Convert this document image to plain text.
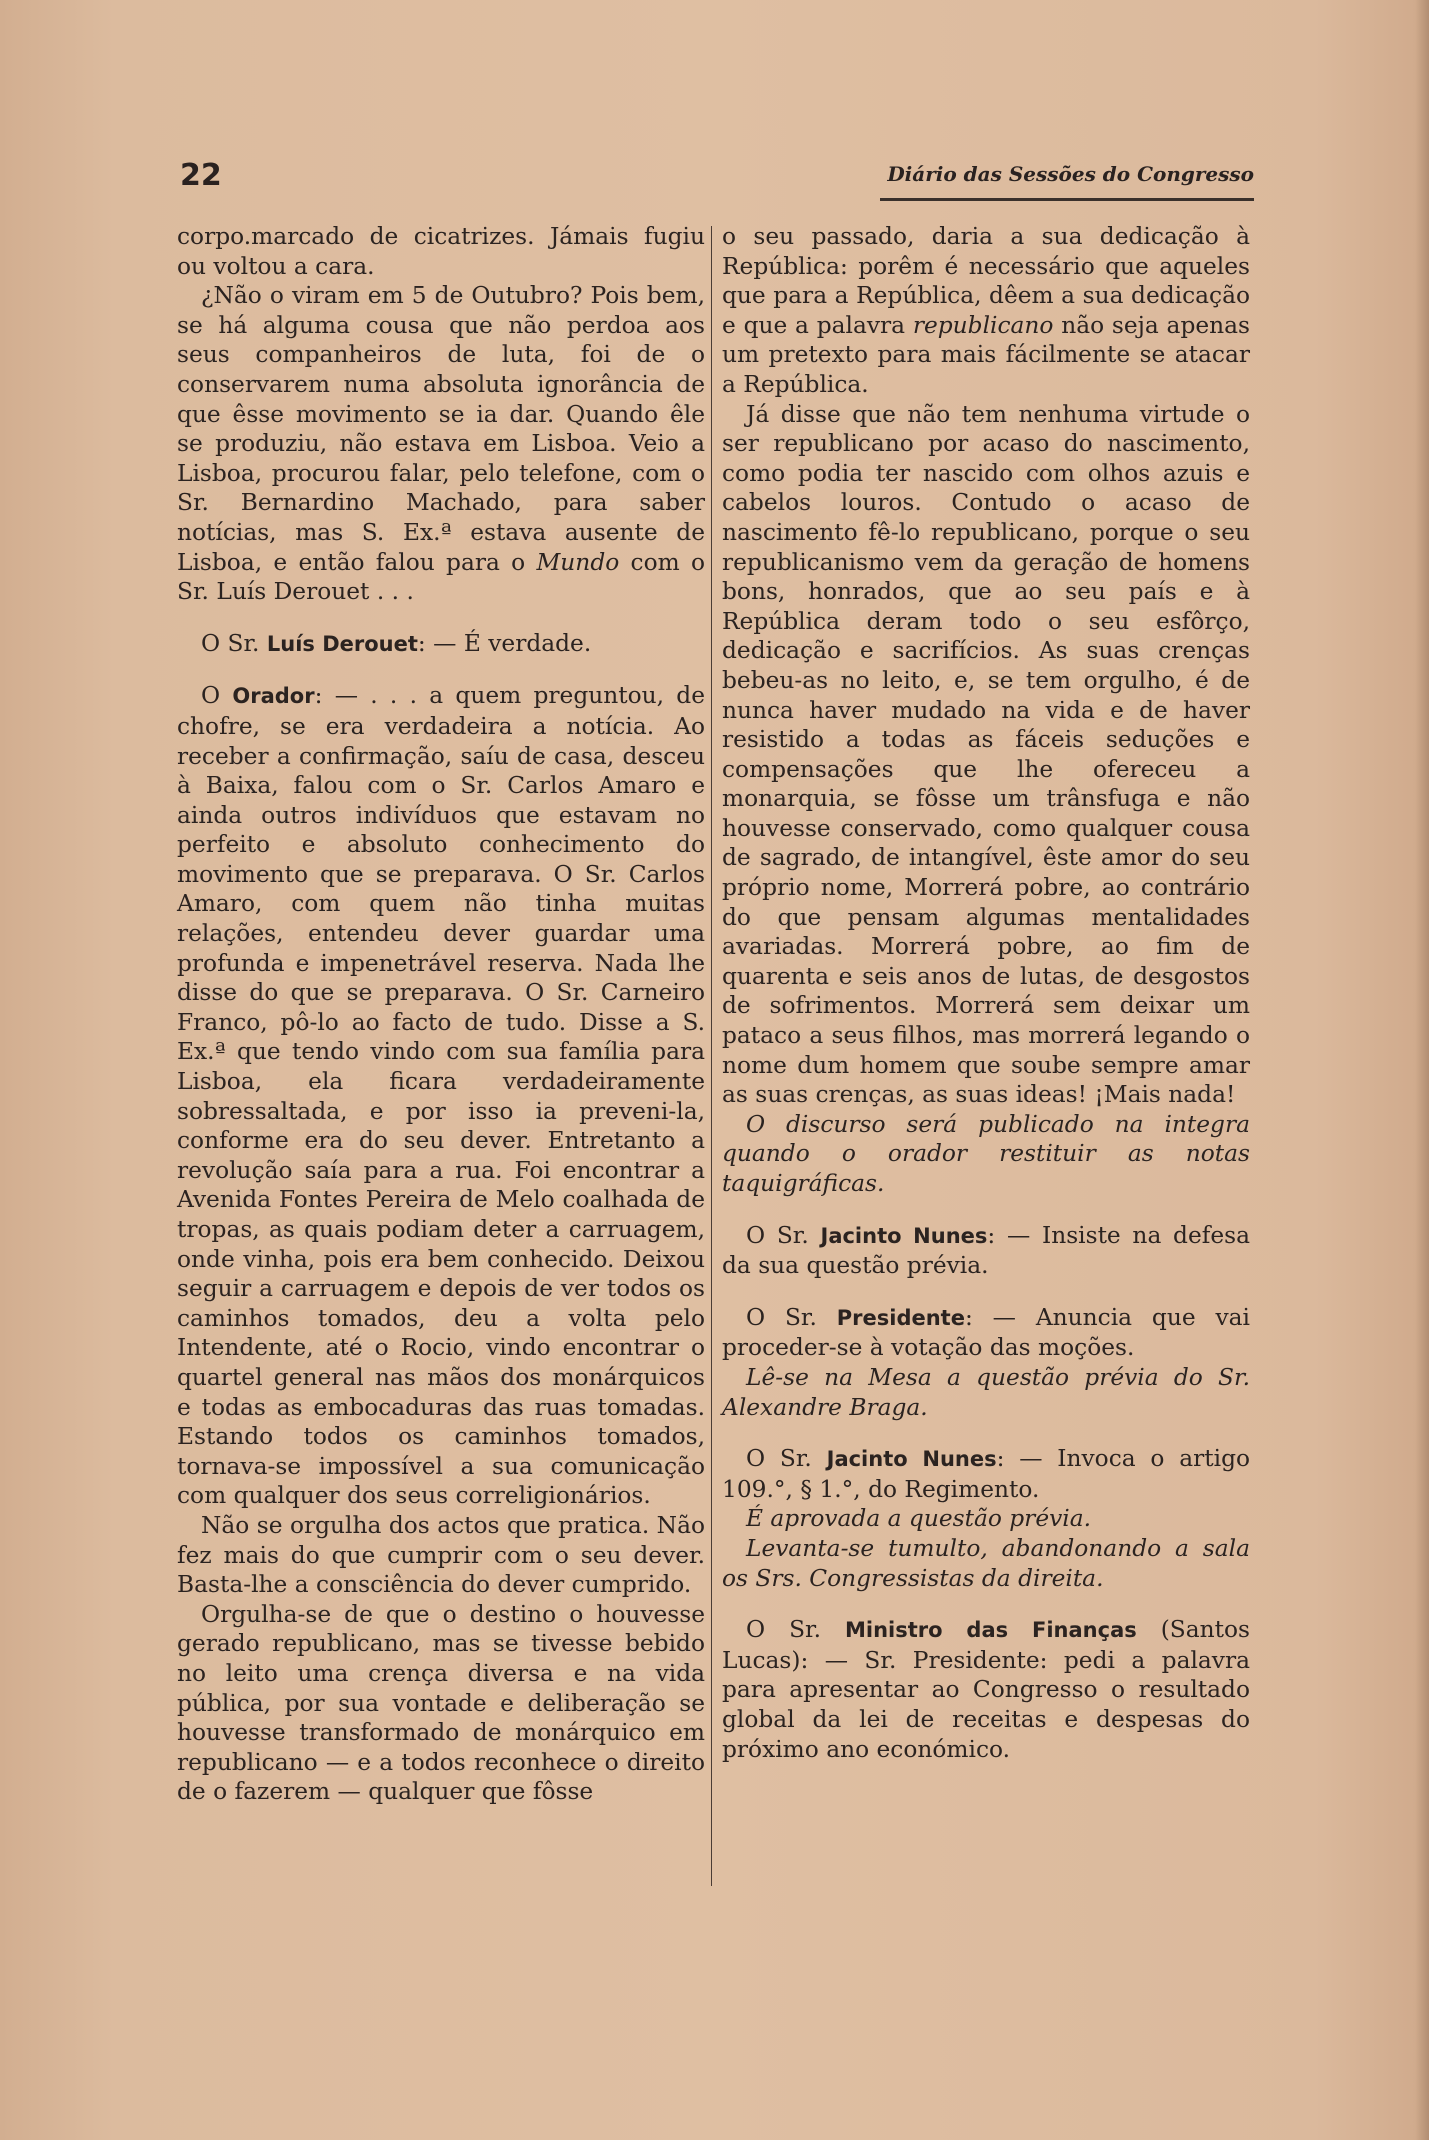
22	Diário das Sessões do Congresso

corpo.marcado de cicatrizes. Jámais fugiu ou voltou a cara.

¿Não o viram em 5 de Outubro? Pois bem, se há alguma cousa que não perdoa aos seus companheiros de luta, foi de o conservarem numa absoluta ignorância de que êsse movimento se ia dar. Quando êle se produziu, não estava em Lisboa. Veio a Lisboa, procurou falar, pelo telefone, com o Sr. Bernardino Machado, para saber notícias, mas S. Ex.ª estava ausente de Lisboa, e então falou para o Mundo com o Sr. Luís Derouet . . .

O Sr. Luís Derouet: — É verdade.

O Orador: — . . . a quem preguntou, de chofre, se era verdadeira a notícia. Ao receber a confirmação, saíu de casa, desceu à Baixa, falou com o Sr. Carlos Amaro e ainda outros indivíduos que estavam no perfeito e absoluto conhecimento do movimento que se preparava. O Sr. Carlos Amaro, com quem não tinha muitas relações, entendeu dever guardar uma profunda e impenetrável reserva. Nada lhe disse do que se preparava. O Sr. Carneiro Franco, pô-lo ao facto de tudo. Disse a S. Ex.ª que tendo vindo com sua família para Lisboa, ela ficara verdadeiramente sobressaltada, e por isso ia preveni-la, conforme era do seu dever. Entretanto a revolução saía para a rua. Foi encontrar a Avenida Fontes Pereira de Melo coalhada de tropas, as quais podiam deter a carruagem, onde vinha, pois era bem conhecido. Deixou seguir a carruagem e depois de ver todos os caminhos tomados, deu a volta pelo Intendente, até o Rocio, vindo encontrar o quartel general nas mãos dos monárquicos e todas as embocaduras das ruas tomadas. Estando todos os caminhos tomados, tornava-se impossível a sua comunicação com qualquer dos seus correligionários.

Não se orgulha dos actos que pratica. Não fez mais do que cumprir com o seu dever. Basta-lhe a consciência do dever cumprido.

Orgulha-se de que o destino o houvesse gerado republicano, mas se tivesse bebido no leito uma crença diversa e na vida pública, por sua vontade e deliberação se houvesse transformado de monárquico em republicano — e a todos reconhece o direito de o fazerem — qualquer que fôsse

o seu passado, daria a sua dedicação à República: porêm é necessário que aqueles que para a República, dêem a sua dedicação e que a palavra republicano não seja apenas um pretexto para mais fácilmente se atacar a República.

Já disse que não tem nenhuma virtude o ser republicano por acaso do nascimento, como podia ter nascido com olhos azuis e cabelos louros. Contudo o acaso de nascimento fê-lo republicano, porque o seu republicanismo vem da geração de homens bons, honrados, que ao seu país e à República deram todo o seu esfôrço, dedicação e sacrifícios. As suas crenças bebeu-as no leito, e, se tem orgulho, é de nunca haver mudado na vida e de haver resistido a todas as fáceis seduções e compensações que lhe ofereceu a monarquia, se fôsse um trânsfuga e não houvesse conservado, como qualquer cousa de sagrado, de intangível, êste amor do seu próprio nome, Morrerá pobre, ao contrário do que pensam algumas mentalidades avariadas. Morrerá pobre, ao fim de quarenta e seis anos de lutas, de desgostos de sofrimentos. Morrerá sem deixar um pataco a seus filhos, mas morrerá legando o nome dum homem que soube sempre amar as suas crenças, as suas ideas! ¡Mais nada!

O discurso será publicado na integra quando o orador restituir as notas taquigráficas.

O Sr. Jacinto Nunes: — Insiste na defesa da sua questão prévia.

O Sr. Presidente: — Anuncia que vai proceder-se à votação das moções.

Lê-se na Mesa a questão prévia do Sr. Alexandre Braga.

O Sr. Jacinto Nunes: — Invoca o artigo 109.°, § 1.°, do Regimento.

É aprovada a questão prévia.

Levanta-se tumulto, abandonando a sala os Srs. Congressistas da direita.

O Sr. Ministro das Finanças (Santos Lucas): — Sr. Presidente: pedi a palavra para apresentar ao Congresso o resultado global da lei de receitas e despesas do próximo ano económico.
